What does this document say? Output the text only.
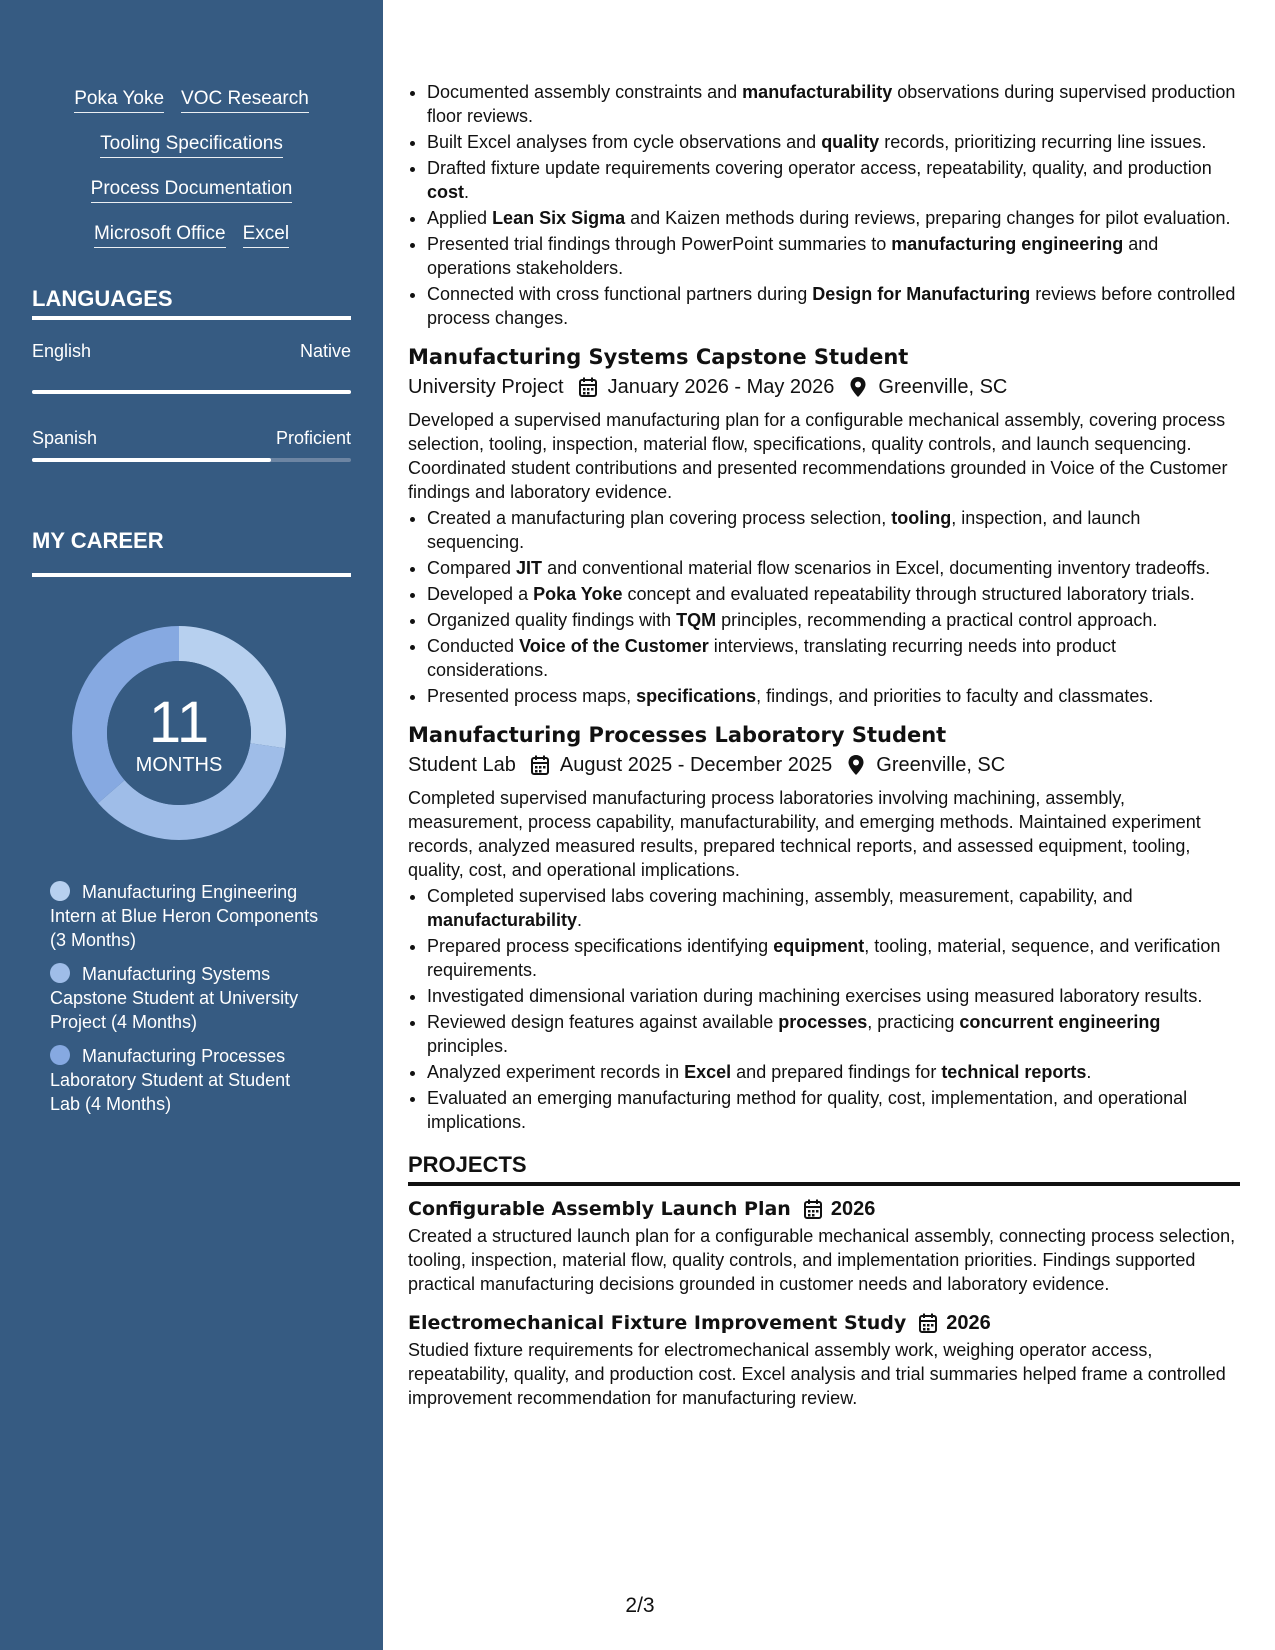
Poka Yoke VOC Research
Tooling Specifications
Process Documentation
Microsoft Office Excel
LANGUAGES
English	Native
Spanish	Proficient
MY CAREER
11
MONTHS
Manufacturing Engineering Intern at Blue Heron Components (3 Months)
Manufacturing Systems Capstone Student at University Project (4 Months)
Manufacturing Processes Laboratory Student at Student Lab (4 Months)
• Documented assembly constraints and manufacturability observations during supervised production floor reviews.
• Built Excel analyses from cycle observations and quality records, prioritizing recurring line issues.
• Drafted fixture update requirements covering operator access, repeatability, quality, and production cost.
• Applied Lean Six Sigma and Kaizen methods during reviews, preparing changes for pilot evaluation.
• Presented trial findings through PowerPoint summaries to manufacturing engineering and operations stakeholders.
• Connected with cross functional partners during Design for Manufacturing reviews before controlled process changes.
Manufacturing Systems Capstone Student
University Project January 2026 - May 2026 Greenville, SC
Developed a supervised manufacturing plan for a configurable mechanical assembly, covering process selection, tooling, inspection, material flow, specifications, quality controls, and launch sequencing. Coordinated student contributions and presented recommendations grounded in Voice of the Customer findings and laboratory evidence.
• Created a manufacturing plan covering process selection, tooling, inspection, and launch sequencing.
• Compared JIT and conventional material flow scenarios in Excel, documenting inventory tradeoffs.
• Developed a Poka Yoke concept and evaluated repeatability through structured laboratory trials.
• Organized quality findings with TQM principles, recommending a practical control approach.
• Conducted Voice of the Customer interviews, translating recurring needs into product considerations.
• Presented process maps, specifications, findings, and priorities to faculty and classmates.
Manufacturing Processes Laboratory Student
Student Lab August 2025 - December 2025 Greenville, SC
Completed supervised manufacturing process laboratories involving machining, assembly, measurement, process capability, manufacturability, and emerging methods. Maintained experiment records, analyzed measured results, prepared technical reports, and assessed equipment, tooling, quality, cost, and operational implications.
• Completed supervised labs covering machining, assembly, measurement, capability, and manufacturability.
• Prepared process specifications identifying equipment, tooling, material, sequence, and verification requirements.
• Investigated dimensional variation during machining exercises using measured laboratory results.
• Reviewed design features against available processes, practicing concurrent engineering principles.
• Analyzed experiment records in Excel and prepared findings for technical reports.
• Evaluated an emerging manufacturing method for quality, cost, implementation, and operational implications.
PROJECTS
Configurable Assembly Launch Plan 2026
Created a structured launch plan for a configurable mechanical assembly, connecting process selection, tooling, inspection, material flow, quality controls, and implementation priorities. Findings supported practical manufacturing decisions grounded in customer needs and laboratory evidence.
Electromechanical Fixture Improvement Study 2026
Studied fixture requirements for electromechanical assembly work, weighing operator access, repeatability, quality, and production cost. Excel analysis and trial summaries helped frame a controlled improvement recommendation for manufacturing review.
2/3
